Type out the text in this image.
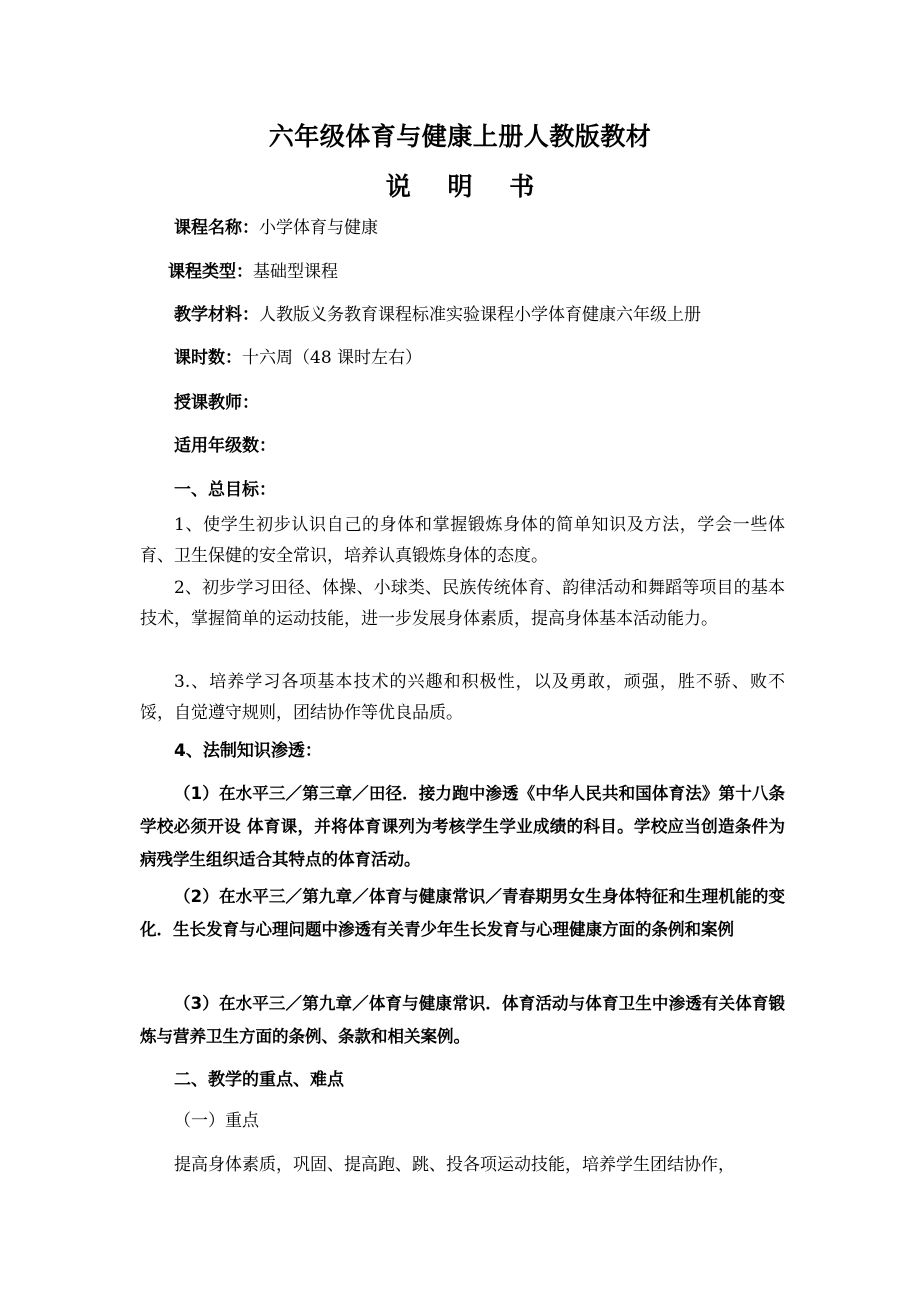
六年级体育与健康上册人教版教材
说 明 书
课程名称：小学体育与健康
课程类型：基础型课程
教学材料：人教版义务教育课程标准实验课程小学体育健康六年级上册
课时数：十六周（48 课时左右）
授课教师：
适用年级数：
一、总目标：
1、使学生初步认识自己的身体和掌握锻炼身体的简单知识及方法，学会一些体育、卫生保健的安全常识，培养认真锻炼身体的态度。
2、初步学习田径、体操、小球类、民族传统体育、韵律活动和舞蹈等项目的基本技术，掌握简单的运动技能，进一步发展身体素质，提高身体基本活动能力。
3.、培养学习各项基本技术的兴趣和积极性，以及勇敢，顽强，胜不骄、败不馁，自觉遵守规则，团结协作等优良品质。
4、法制知识渗透：
（1）在水平三／第三章／田径．接力跑中渗透《中华人民共和国体育法》第十八条 学校必须开设 体育课，并将体育课列为考核学生学业成绩的科目。学校应当创造条件为病残学生组织适合其特点的体育活动。
（2）在水平三／第九章／体育与健康常识／青春期男女生身体特征和生理机能的变化．生长发育与心理问题中渗透有关青少年生长发育与心理健康方面的条例和案例
（3）在水平三／第九章／体育与健康常识．体育活动与体育卫生中渗透有关体育锻炼与营养卫生方面的条例、条款和相关案例。
二、教学的重点、难点
（一）重点
提高身体素质，巩固、提高跑、跳、投各项运动技能，培养学生团结协作，
